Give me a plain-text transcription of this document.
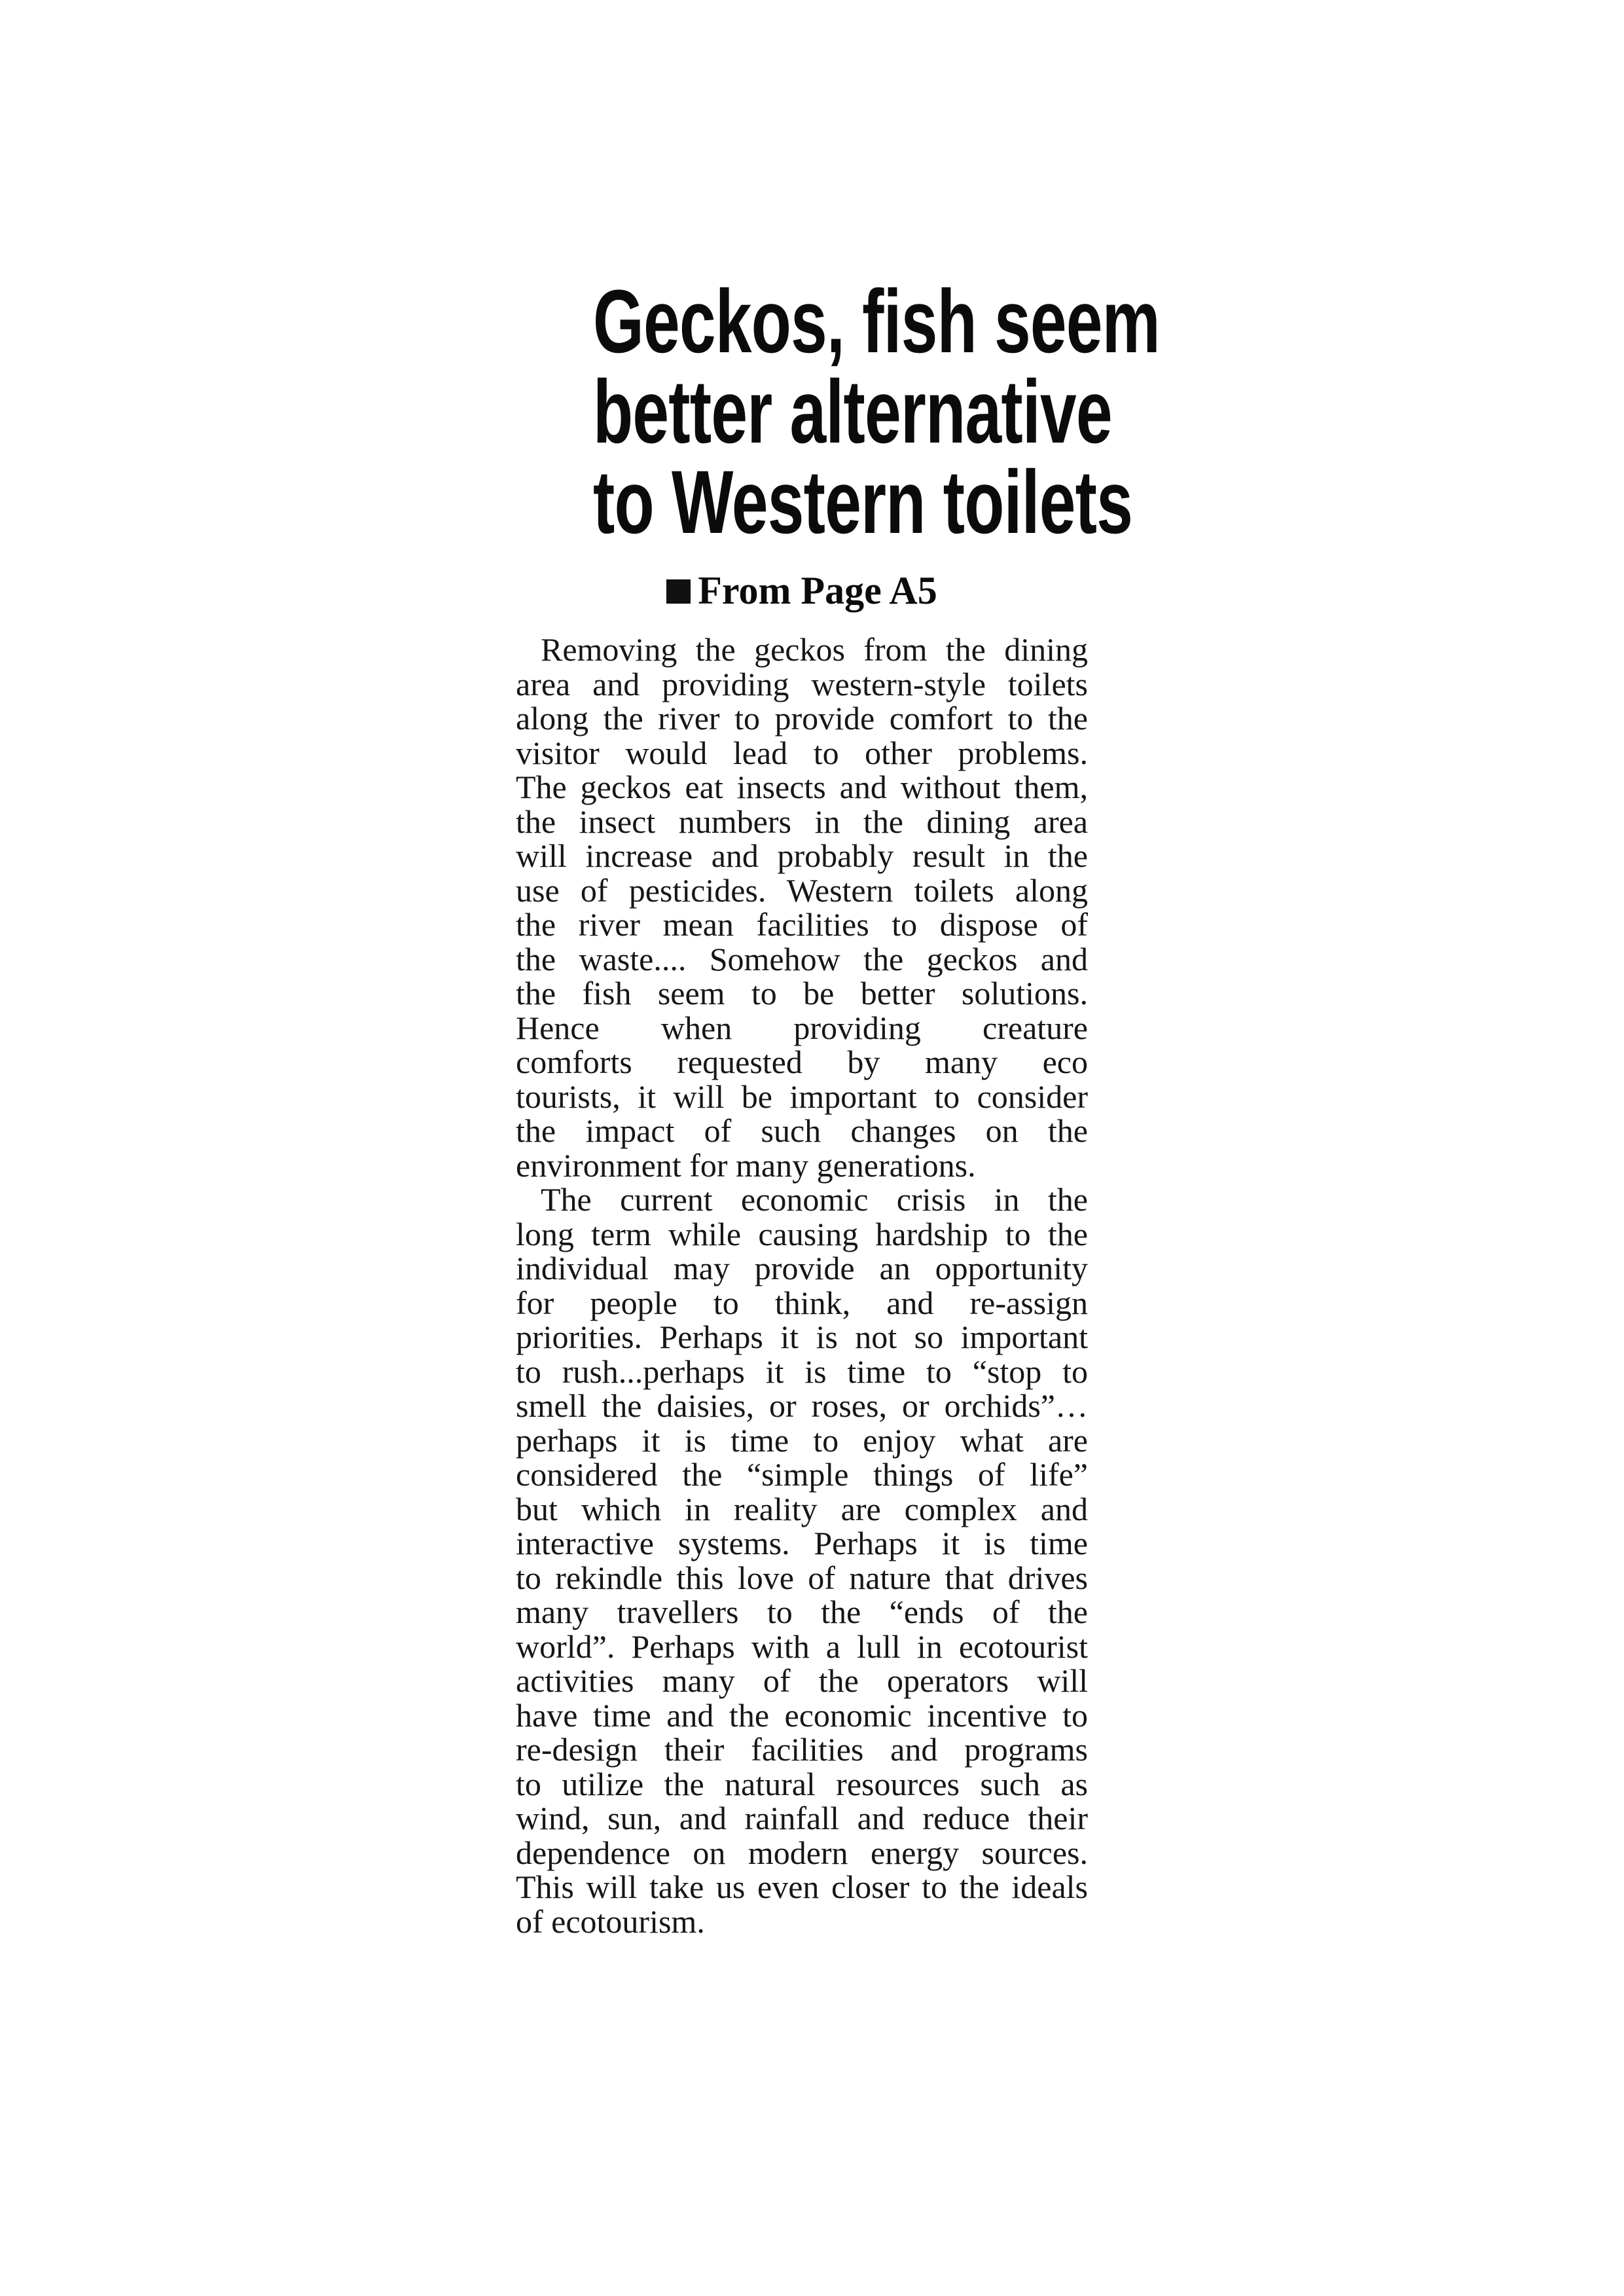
Geckos, fish seem
better alternative
to Western toilets
From Page A5
Removing the geckos from the dining
area and providing western-style toilets
along the river to provide comfort to the
visitor would lead to other problems.
The geckos eat insects and without them,
the insect numbers in the dining area
will increase and probably result in the
use of pesticides. Western toilets along
the river mean facilities to dispose of
the waste.... Somehow the geckos and
the fish seem to be better solutions.
Hence when providing creature
comforts requested by many eco
tourists, it will be important to consider
the impact of such changes on the
environment for many generations.
The current economic crisis in the
long term while causing hardship to the
individual may provide an opportunity
for people to think, and re-assign
priorities. Perhaps it is not so important
to rush...perhaps it is time to “stop to
smell the daisies, or roses, or orchids”…
perhaps it is time to enjoy what are
considered the “simple things of life”
but which in reality are complex and
interactive systems. Perhaps it is time
to rekindle this love of nature that drives
many travellers to the “ends of the
world”. Perhaps with a lull in ecotourist
activities many of the operators will
have time and the economic incentive to
re-design their facilities and programs
to utilize the natural resources such as
wind, sun, and rainfall and reduce their
dependence on modern energy sources.
This will take us even closer to the ideals
of ecotourism.
